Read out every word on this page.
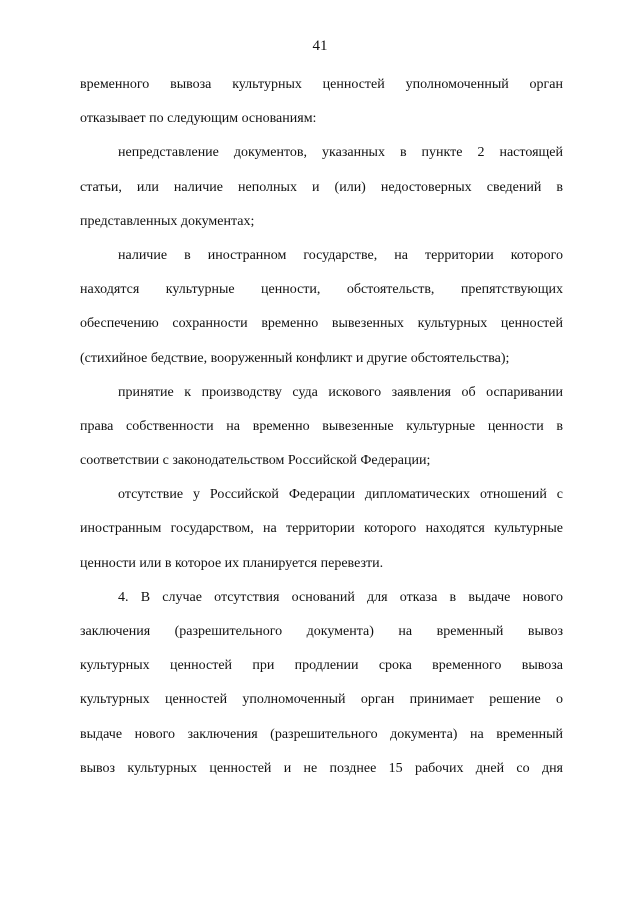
41
временного вывоза культурных ценностей уполномоченный орган
отказывает по следующим основаниям:
непредставление документов, указанных в пункте 2 настоящей
статьи, или наличие неполных и (или) недостоверных сведений в
представленных документах;
наличие в иностранном государстве, на территории которого
находятся культурные ценности, обстоятельств, препятствующих
обеспечению сохранности временно вывезенных культурных ценностей
(стихийное бедствие, вооруженный конфликт и другие обстоятельства);
принятие к производству суда искового заявления об оспаривании
права собственности на временно вывезенные культурные ценности в
соответствии с законодательством Российской Федерации;
отсутствие у Российской Федерации дипломатических отношений с
иностранным государством, на территории которого находятся культурные
ценности или в которое их планируется перевезти.
4. В случае отсутствия оснований для отказа в выдаче нового
заключения (разрешительного документа) на временный вывоз
культурных ценностей при продлении срока временного вывоза
культурных ценностей уполномоченный орган принимает решение о
выдаче нового заключения (разрешительного документа) на временный
вывоз культурных ценностей и не позднее 15 рабочих дней со дня
